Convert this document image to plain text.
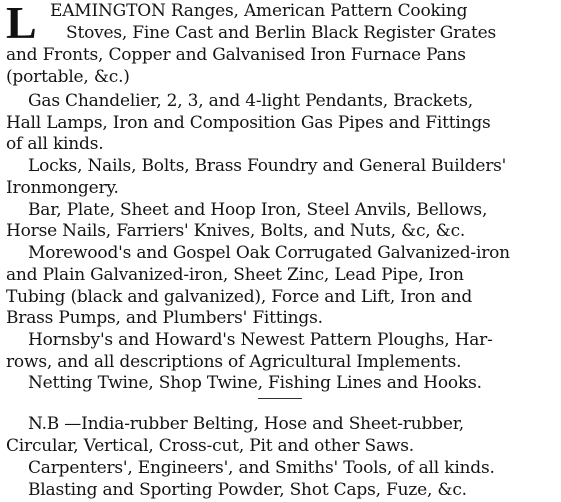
L EAMINGTON Ranges, American Pattern Cooking
Stoves, Fine Cast and Berlin Black Register Grates
and Fronts, Copper and Galvanised Iron Furnace Pans
(portable, &c.)
Gas Chandelier, 2, 3, and 4-light Pendants, Brackets,
Hall Lamps, Iron and Composition Gas Pipes and Fittings
of all kinds.
Locks, Nails, Bolts, Brass Foundry and General Builders'
Ironmongery.
Bar, Plate, Sheet and Hoop Iron, Steel Anvils, Bellows,
Horse Nails, Farriers' Knives, Bolts, and Nuts, &c, &c.
Morewood's and Gospel Oak Corrugated Galvanized-iron
and Plain Galvanized-iron, Sheet Zinc, Lead Pipe, Iron
Tubing (black and galvanized), Force and Lift, Iron and
Brass Pumps, and Plumbers' Fittings.
Hornsby's and Howard's Newest Pattern Ploughs, Har-
rows, and all descriptions of Agricultural Implements.
Netting Twine, Shop Twine, Fishing Lines and Hooks.
N.B —India-rubber Belting, Hose and Sheet-rubber,
Circular, Vertical, Cross-cut, Pit and other Saws.
Carpenters', Engineers', and Smiths' Tools, of all kinds.
Blasting and Sporting Powder, Shot Caps, Fuze, &c.
